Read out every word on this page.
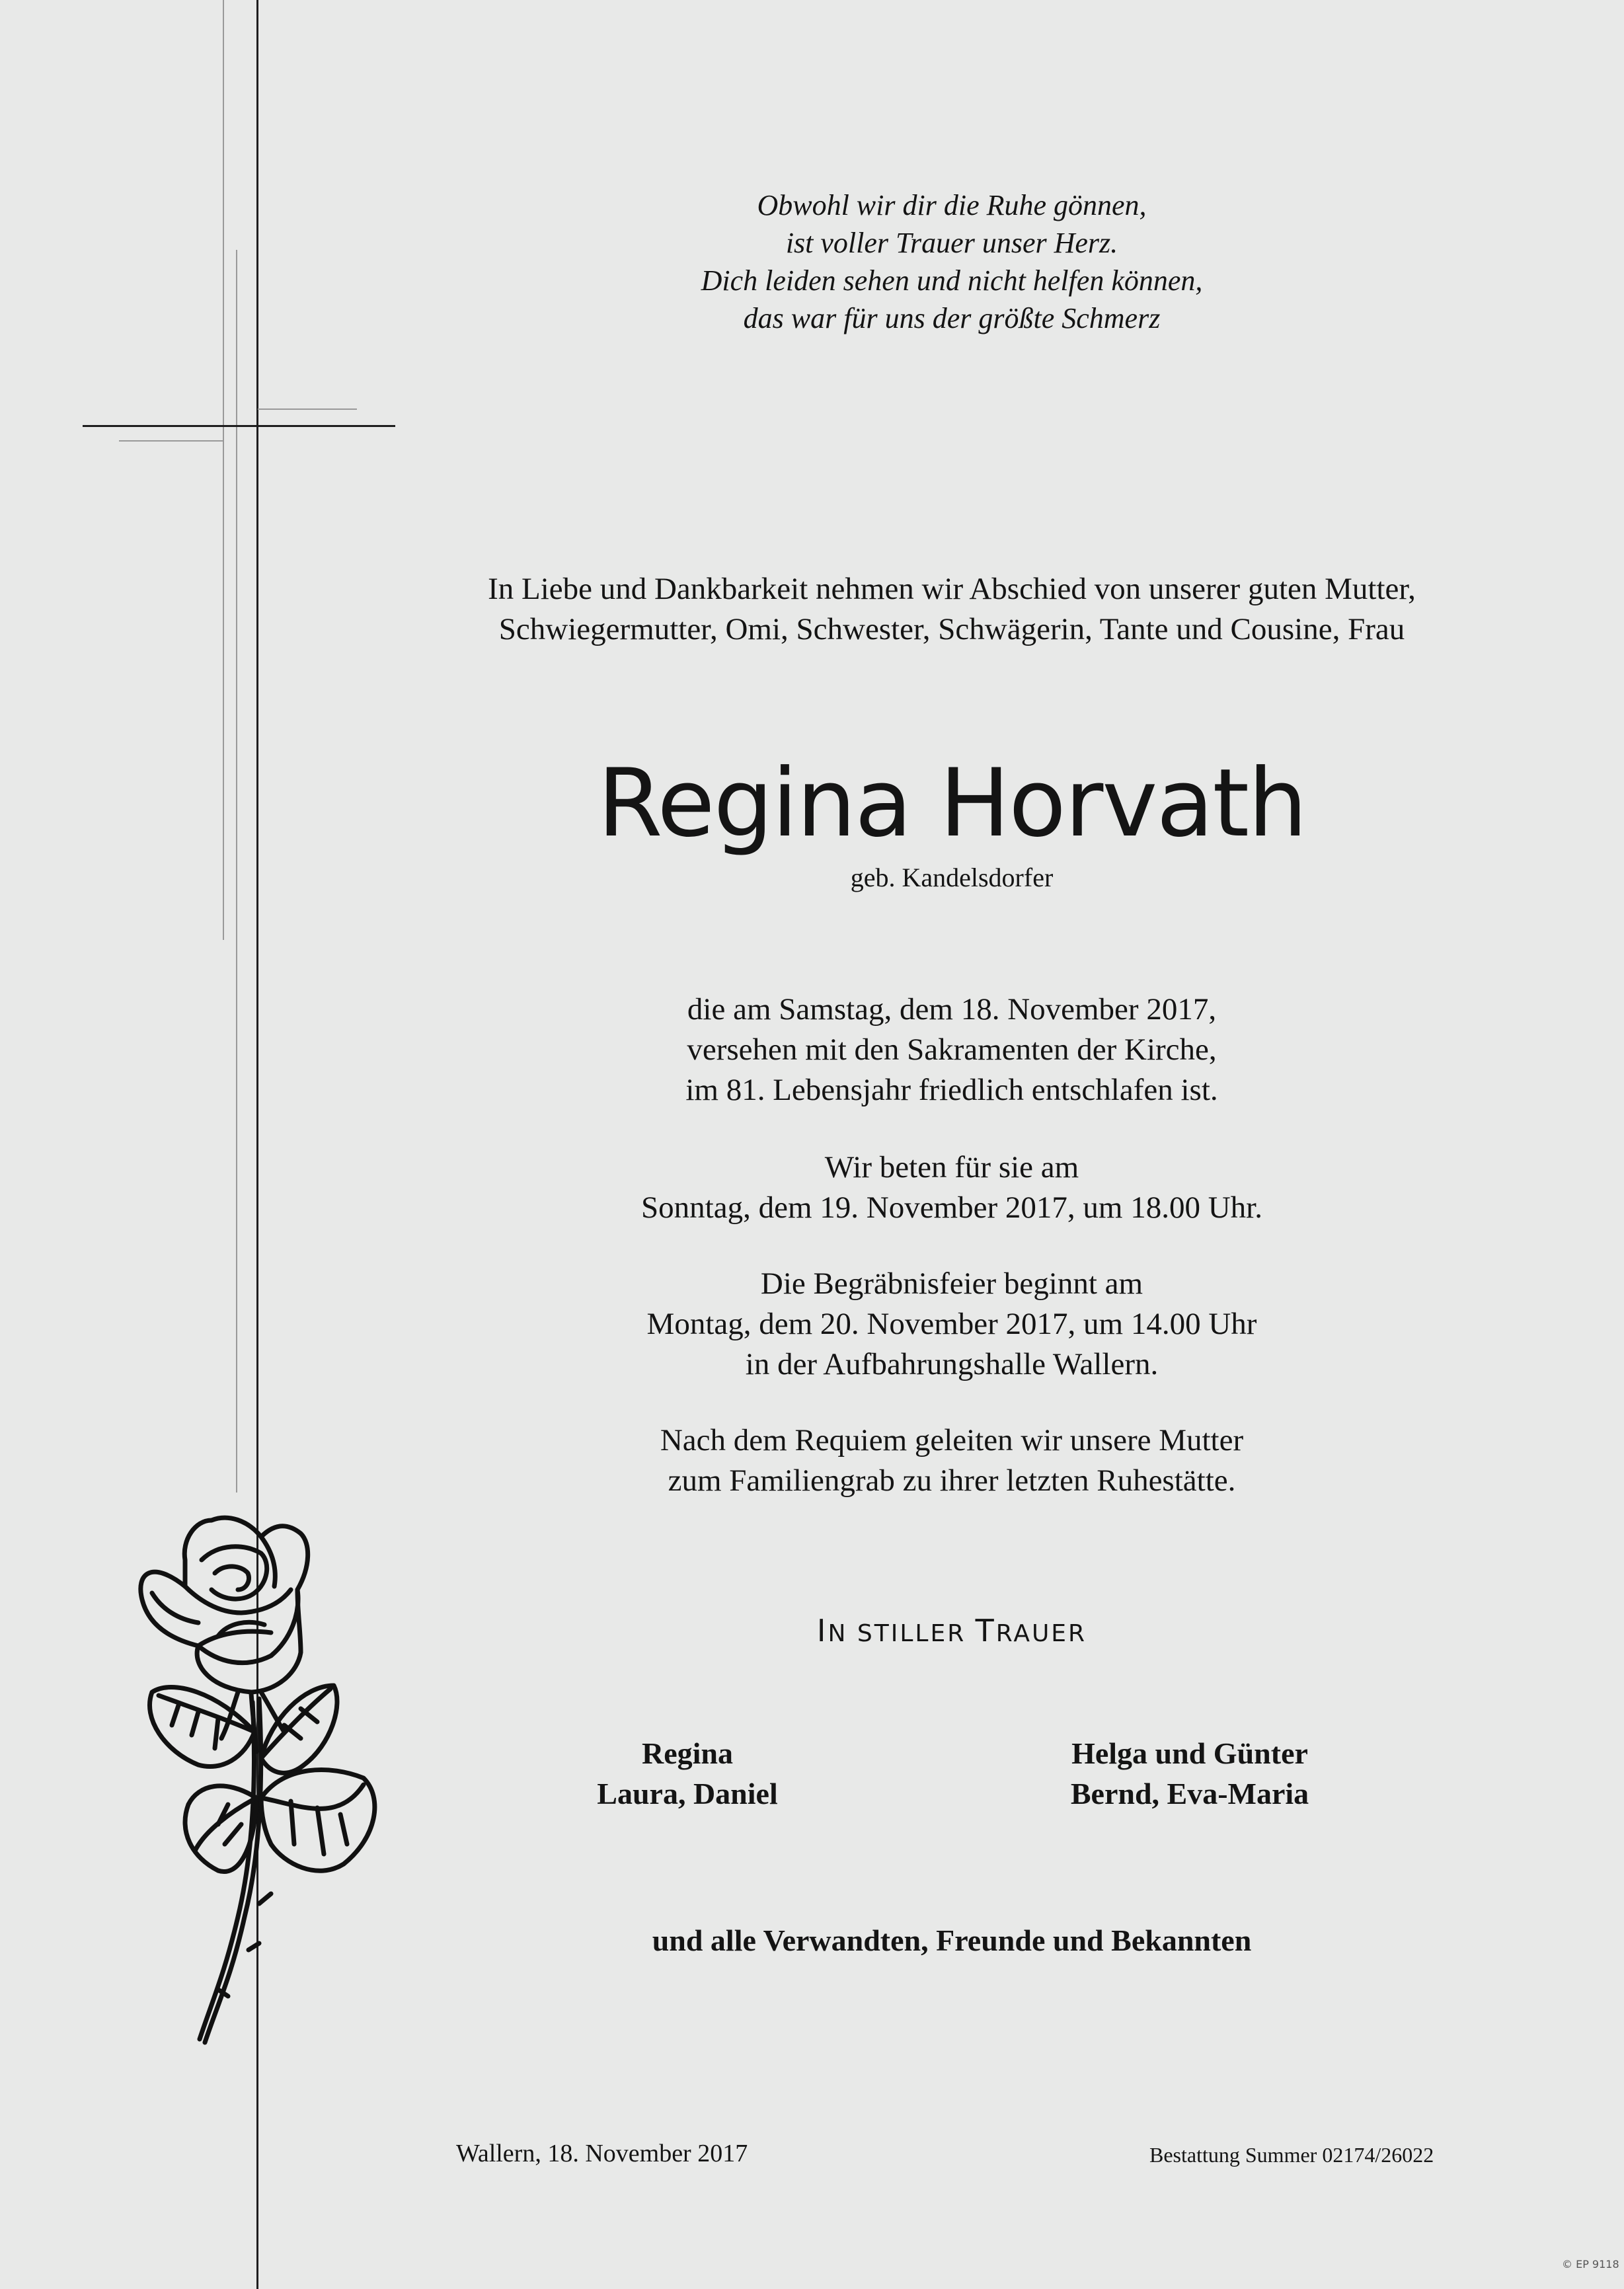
Obwohl wir dir die Ruhe gönnen,
ist voller Trauer unser Herz.
Dich leiden sehen und nicht helfen können,
das war für uns der größte Schmerz
In Liebe und Dankbarkeit nehmen wir Abschied von unserer guten Mutter,
Schwiegermutter, Omi, Schwester, Schwägerin, Tante und Cousine, Frau
Regina Horvath
geb. Kandelsdorfer
die am Samstag, dem 18. November 2017,
versehen mit den Sakramenten der Kirche,
im 81. Lebensjahr friedlich entschlafen ist.
Wir beten für sie am
Sonntag, dem 19. November 2017, um 18.00 Uhr.
Die Begräbnisfeier beginnt am
Montag, dem 20. November 2017, um 14.00 Uhr
in der Aufbahrungshalle Wallern.
Nach dem Requiem geleiten wir unsere Mutter
zum Familiengrab zu ihrer letzten Ruhestätte.
IN STILLER TRAUER
Regina
Laura, Daniel
Helga und Günter
Bernd, Eva-Maria
und alle Verwandten, Freunde und Bekannten
Wallern, 18. November 2017	Bestattung Summer 02174/26022
© EP 9118
